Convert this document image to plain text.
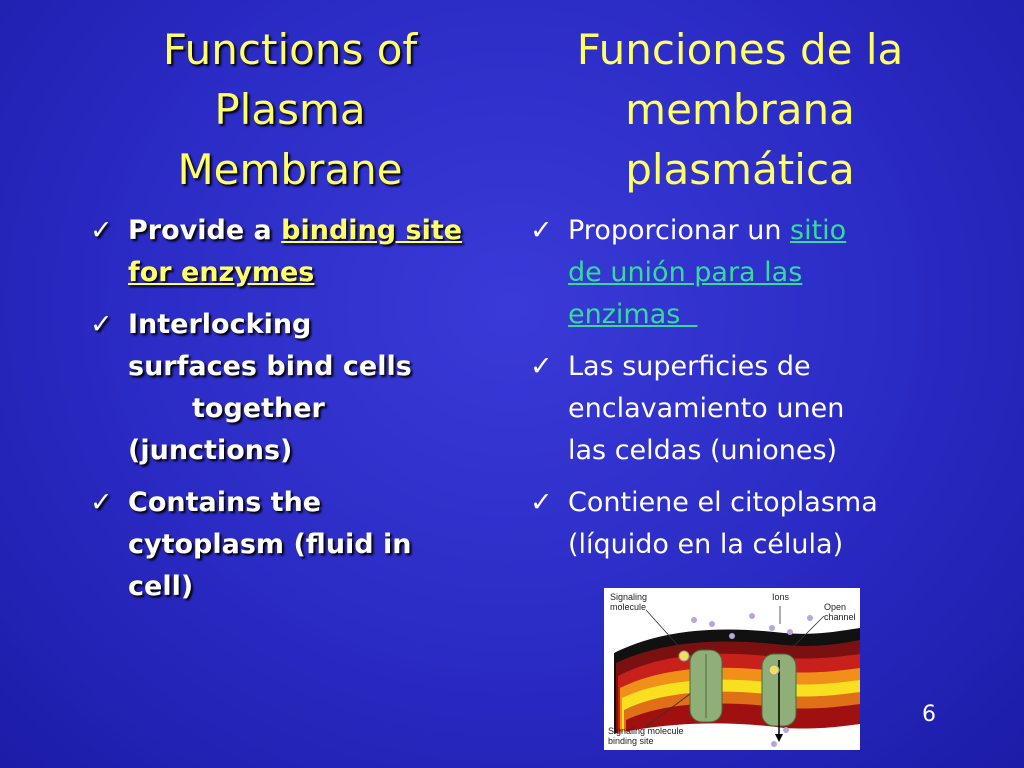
Functions of
Plasma
Membrane
Funciones de la
membrana
plasmática
✓ Provide a binding site
for enzymes
✓ Interlocking
surfaces bind cells
together
(junctions)
✓ Contains the
cytoplasm (fluid in
cell)
✓ Proporcionar un sitio
de unión para las
enzimas
✓ Las superficies de
enclavamiento unen
las celdas (uniones)
✓ Contiene el citoplasma
(líquido en la célula)
Signaling
molecule
Ions
Open
channel
Signaling molecule
binding site
6
